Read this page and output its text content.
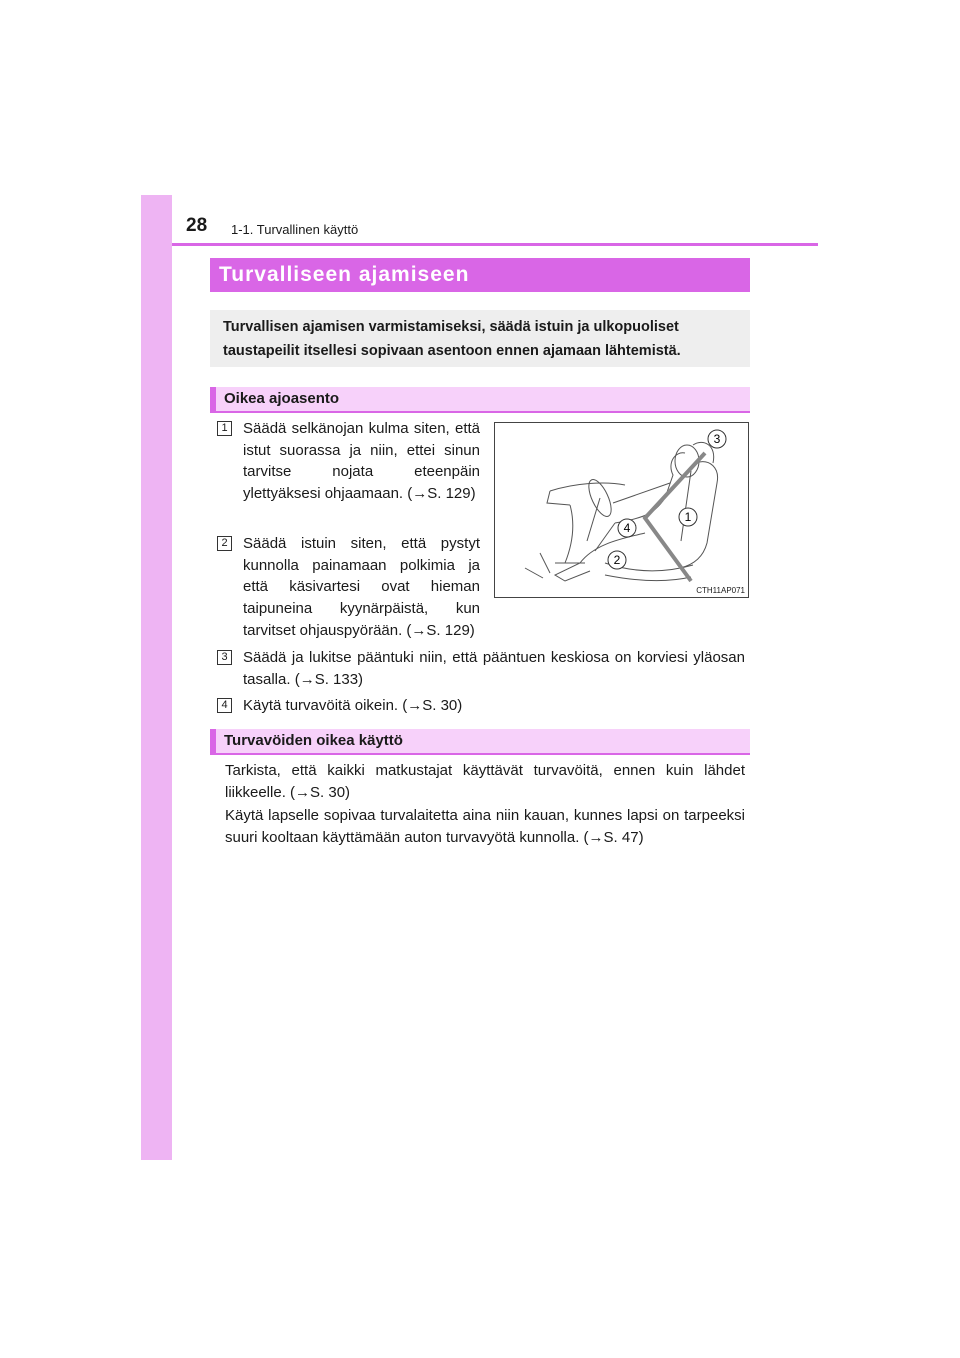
28 1-1. Turvallinen käyttö
Turvalliseen ajamiseen
Turvallisen ajamisen varmistamiseksi, säädä istuin ja ulkopuoliset taustapeilit itsellesi sopivaan asentoon ennen ajamaan lähtemistä.
Oikea ajoasento
1 Säädä selkänojan kulma siten, että istut suorassa ja niin, ettei sinun tarvitse nojata eteenpäin ylettyäksesi ohjaamaan. (→S. 129)
2 Säädä istuin siten, että pystyt kunnolla painamaan polkimia ja että käsivartesi ovat hieman taipuneina kyynärpäistä, kun tarvitset ohjauspyörään. (→S. 129)
3 Säädä ja lukitse pääntuki niin, että pääntuen keskiosa on korviesi yläosan tasalla. (→S. 133)
4 Käytä turvavöitä oikein. (→S. 30)
3
1
4
2
CTH11AP071
Turvavöiden oikea käyttö
Tarkista, että kaikki matkustajat käyttävät turvavöitä, ennen kuin lähdet liikkeelle. (→S. 30)
Käytä lapselle sopivaa turvalaitetta aina niin kauan, kunnes lapsi on tarpeeksi suuri kooltaan käyttämään auton turvavyötä kunnolla. (→S. 47)
